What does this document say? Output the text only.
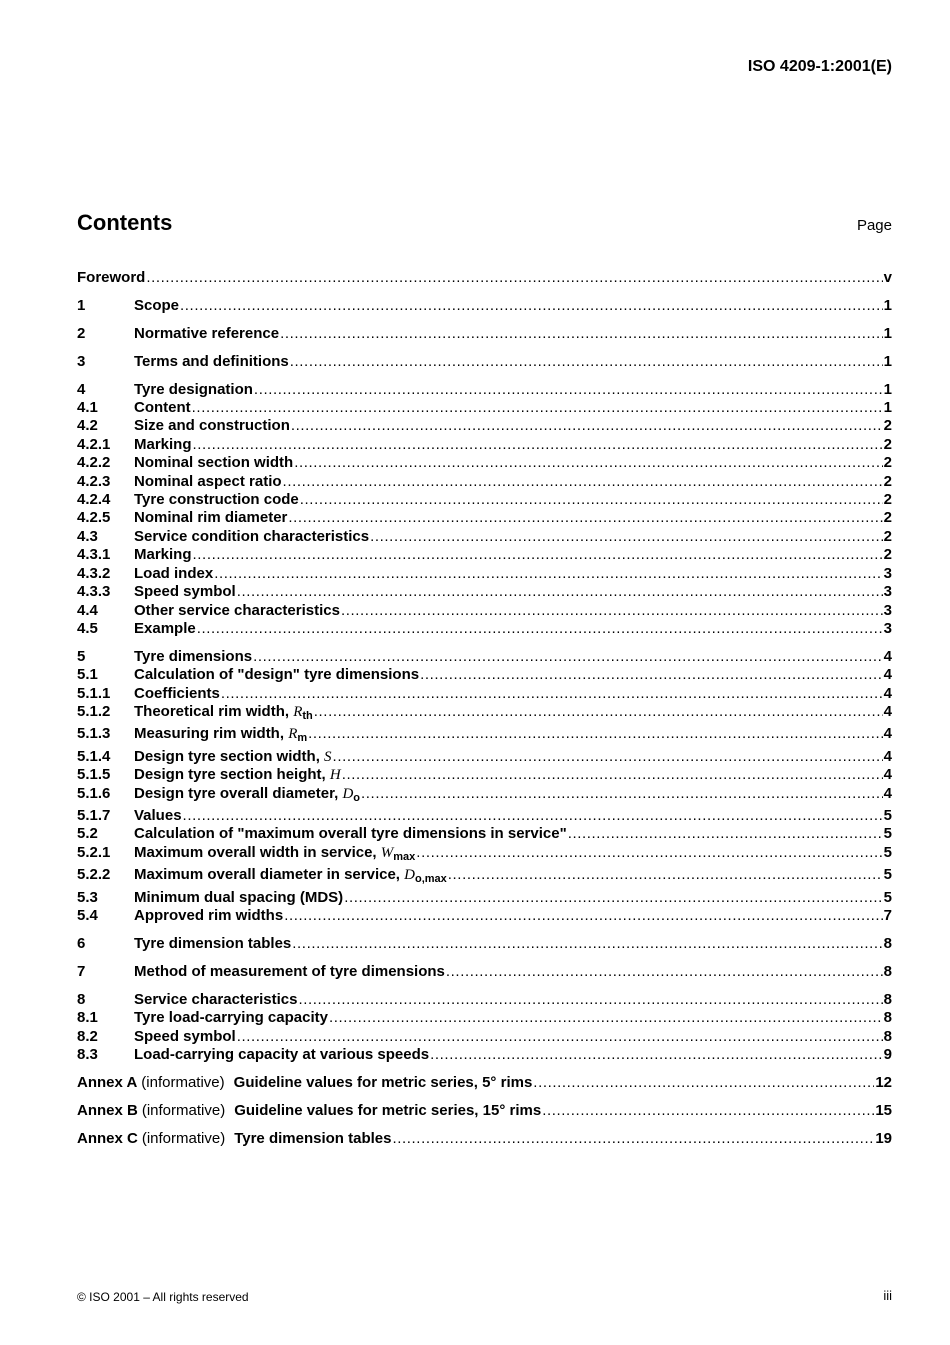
ISO 4209-1:2001(E)
Contents	Page
Foreword .....	v
1	Scope .....	1
2	Normative reference .....	1
3	Terms and definitions .....	1
4	Tyre designation .....	1
4.1	Content .....	1
4.2	Size and construction .....	2
4.2.1	Marking .....	2
4.2.2	Nominal section width .....	2
4.2.3	Nominal aspect ratio .....	2
4.2.4	Tyre construction code .....	2
4.2.5	Nominal rim diameter .....	2
4.3	Service condition characteristics .....	2
4.3.1	Marking .....	2
4.3.2	Load index .....	3
4.3.3	Speed symbol .....	3
4.4	Other service characteristics .....	3
4.5	Example .....	3
5	Tyre dimensions .....	4
5.1	Calculation of "design" tyre dimensions .....	4
5.1.1	Coefficients .....	4
5.1.2	Theoretical rim width, $R_{th}$ .....	4
5.1.3	Measuring rim width, $R_m$ .....	4
5.1.4	Design tyre section width, S .....	4
5.1.5	Design tyre section height, H .....	4
5.1.6	Design tyre overall diameter, $D_o$ .....	4
5.1.7	Values .....	5
5.2	Calculation of "maximum overall tyre dimensions in service" .....	5
5.2.1	Maximum overall width in service, $W_{max}$ .....	5
5.2.2	Maximum overall diameter in service, $D_{o,max}$ .....	5
5.3	Minimum dual spacing (MDS) .....	5
5.4	Approved rim widths .....	7
6	Tyre dimension tables .....	8
7	Method of measurement of tyre dimensions .....	8
8	Service characteristics .....	8
8.1	Tyre load-carrying capacity .....	8
8.2	Speed symbol .....	8
8.3	Load-carrying capacity at various speeds .....	9
Annex A (informative) Guideline values for metric series, 5° rims .....	12
Annex B (informative) Guideline values for metric series, 15° rims .....	15
Annex C (informative) Tyre dimension tables .....	19
© ISO 2001 – All rights reserved	iii
